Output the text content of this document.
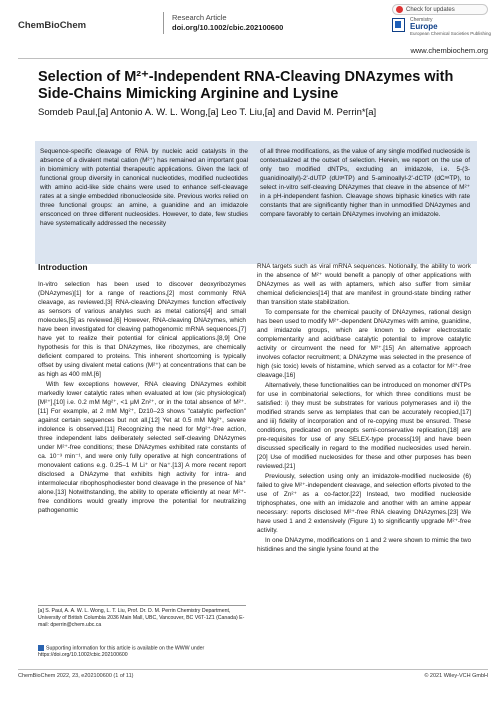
ChemBioChem
Research Article
doi.org/10.1002/cbic.202100600
Check for updates
Chemistry
Europe
European Chemical Societies Publishing
www.chembiochem.org
Selection of M²⁺-Independent RNA-Cleaving DNAzymes with Side-Chains Mimicking Arginine and Lysine
Somdeb Paul,[a] Antonio A. W. L. Wong,[a] Leo T. Liu,[a] and David M. Perrin*[a]
Sequence-specific cleavage of RNA by nucleic acid catalysts in the absence of a divalent metal cation (M²⁺) has remained an important goal in biomimicry with potential therapeutic applications. Given the lack of functional group diversity in canonical nucleotides, modified nucleotides with amino acid-like side chains were used to enhance self-cleavage rates at a single embedded ribonucleoside site. Previous works relied on three functional groups: an amine, a guanidine and an imidazole ensconced on three different nucleosides. However, to date, few studies have systematically addressed the necessity
of all three modifications, as the value of any single modified nucleoside is contextualized at the outset of selection. Herein, we report on the use of only two modified dNTPs, excluding an imidazole, i.e. 5-(3-guanidinoallyl)-2'-dUTP (dUᵍᵃTP) and 5-aminoallyl-2'-dCTP (dCᵃᵃTP), to select in-vitro self-cleaving DNAzymes that cleave in the absence of M²⁺ in a pH-independent fashion. Cleavage shows biphasic kinetics with rate constants that are significantly higher than in unmodified DNAzymes and compare favorably to certain DNAzymes involving an imidazole.
Introduction

In-vitro selection has been used to discover deoxyribozymes (DNAzymes)[1] for a range of reactions,[2] most commonly RNA cleavage, as reviewed.[3] RNA-cleaving DNAzymes function effectively as sensors of various analytes such as metal cations[4] and small molecules,[5] as reviewed.[6] However, RNA-cleaving DNAzymes, which have been investigated for cleaving pathogenomic mRNA sequences,[7] have yet to realize their potential for clinical applications.[8,9] One hypothesis for this is that DNAzymes, like ribozymes, are chemically deficient compared to proteins. This inherent shortcoming is typically offset by using divalent metal cations (M²⁺) at concentrations that can be as high as 400 mM.[6]

With few exceptions however, RNA cleaving DNAzymes exhibit markedly lower catalytic rates when evaluated at low (sic physiological) [M²⁺],[10] i.e. 0.2 mM Mg²⁺, <1 μM Zn²⁺, or in the total absence of M²⁺.[11] For example, at 2 mM Mg²⁺, Dz10–23 shows "catalytic perfection" against certain sequences but not all,[12] Yet at 0.5 mM Mg²⁺, severe indolence is observed.[11] Recognizing the need for Mg²⁺-free action, three independent labs deliberately selected self-cleaving DNAzymes under M²⁺-free conditions; these DNAzymes exhibited rate constants of ca. 10⁻³ min⁻¹, and were only fully operative at high concentrations of monovalent cations e.g. 0.25–1 M Li⁺ or Na⁺.[13] A more recent report disclosed a DNAzyme that exhibits high activity for intra- and intermolecular ribophosphodiester bond cleavage in the presence of Na⁺ alone.[13] Notwithstanding, the ability to operate efficiently at near M²⁺-free conditions would greatly improve the potential for neutralizing pathogenomic

RNA targets such as viral mRNA sequences. Notionally, the ability to work in the absence of M²⁺ would benefit a panoply of other applications with DNAzymes as well as with aptamers, which also suffer from similar chemical deficiencies[14] that are manifest in ground-state binding rather than transition state stabilization.

To compensate for the chemical paucity of DNAzymes, rational design has been used to modify M²⁺-dependent DNAzymes with amine, guanidine, and imidazole groups, which are known to deliver electrostatic complementarity and acid/base catalytic potential to improve catalytic activity or circumvent the need for M²⁺.[15] An alternative approach involves cofactor recruitment; a DNAzyme was selected in the presence of high (sic toxic) levels of histamine, which served as a cofactor for M²⁺-free cleavage.[16]

Alternatively, these functionalities can be introduced on monomer dNTPs for use in combinatorial selections, for which three conditions must be satisfied: i) they must be substrates for various polymerases and ii) the modified strands serve as templates that can be accurately recopied,[17] and iii) fidelity of incorporation and of re-copying must be ensured. These conditions, predicated on precepts semi-conservative replication,[18] are pre-requisites for use of any SELEX-type process[19] and have been discussed specifically in regard to the modified nucleosides used herein.[20] Use of modified nucleosides for these and other purposes has been reviewed.[21]

Previously, selection using only an imidazole-modified nucleoside (6) failed to give M²⁺-independent cleavage, and selection efforts pivoted to the use of Zn²⁺ as a co-factor.[22] Instead, two modified nucleoside triphosphates, one with an imidazole and another with an amine appear necessary: reports disclosed M²⁺-free RNA cleaving DNAzymes.[23] We have used 1 and 2 extensively (Figure 1) to significantly upgrade M²⁺-free activity.

In one DNAzyme, modifications on 1 and 2 were shown to mimic the two histidines and the single lysine found at the

[a] S. Paul, A. A. W. L. Wong, L. T. Liu, Prof. Dr. D. M. Perrin Chemistry Department, University of British Columbia 2036 Main Mall, UBC, Vancouver, BC V6T-1Z1 (Canada) E-mail: dperrin@chem.ubc.ca
Supporting information for this article is available on the WWW under https://doi.org/10.1002/cbic.202100600
ChemBioChem 2022, 23, e202100600 (1 of 11)	© 2021 Wiley-VCH GmbH
